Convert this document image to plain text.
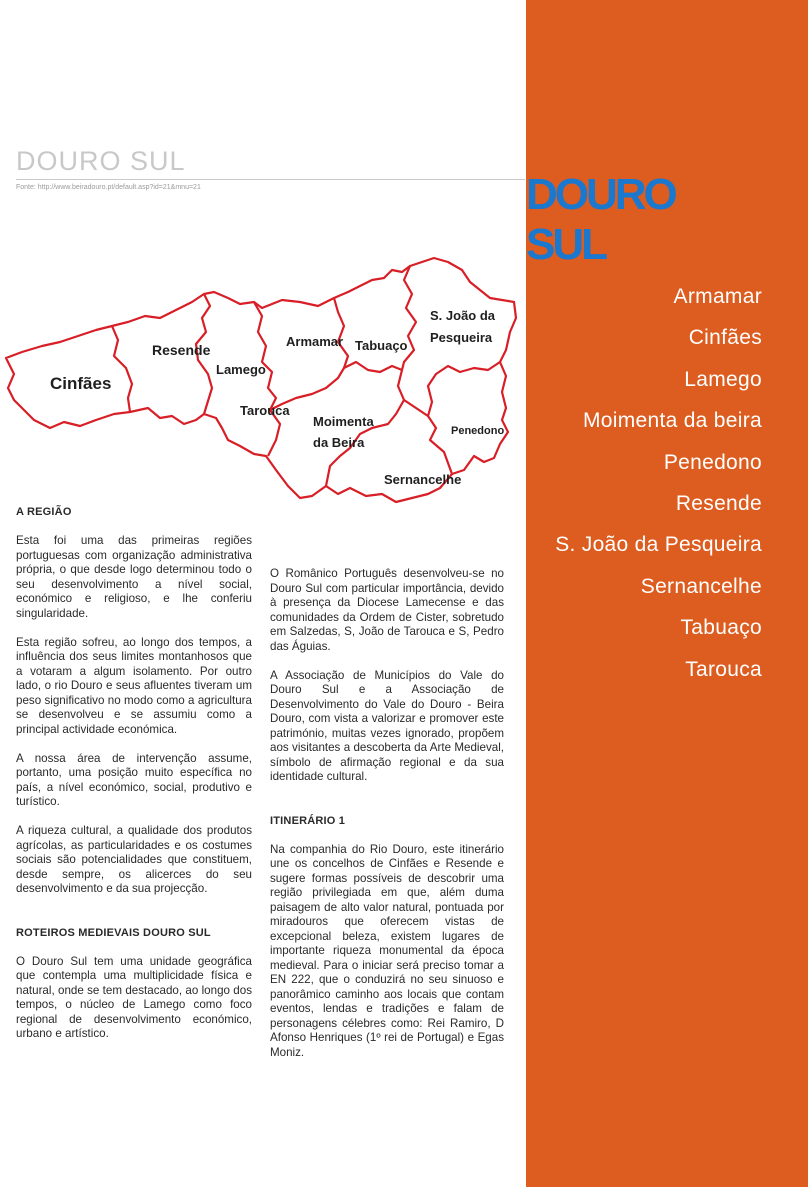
DOURO SUL
Fonte: http://www.beiradouro.pt/default.asp?id=21&mnu=21
Cinfães
Resende
Lamego
Tarouca
Armamar Tabuaço
S. João da
Pesqueira
Moimenta
da Beira
Penedono
Sernancelhe
A REGIÃO

Esta foi uma das primeiras regiões portuguesas com organização administrativa própria, o que desde logo determinou todo o seu desenvolvimento a nível social, económico e religioso, e lhe conferiu singularidade.

Esta região sofreu, ao longo dos tempos, a influência dos seus limites montanhosos que a votaram a algum isolamento. Por outro lado, o rio Douro e seus afluentes tiveram um peso significativo no modo como a agricultura se desenvolveu e se assumiu como a principal actividade económica.

A nossa área de intervenção assume, portanto, uma posição muito específica no país, a nível económico, social, produtivo e turístico.

A riqueza cultural, a qualidade dos produtos agrícolas, as particularidades e os costumes sociais são potencialidades que constituem, desde sempre, os alicerces do seu desenvolvimento e da sua projecção.

ROTEIROS MEDIEVAIS DOURO SUL

O Douro Sul tem uma unidade geográfica que contempla uma multiplicidade física e natural, onde se tem destacado, ao longo dos tempos, o núcleo de Lamego como foco regional de desenvolvimento económico, urbano e artístico.

O Românico Português desenvolveu-se no Douro Sul com particular importância, devido à presença da Diocese Lamecense e das comunidades da Ordem de Cister, sobretudo em Salzedas, S, João de Tarouca e S, Pedro das Águias.

A Associação de Municípios do Vale do Douro Sul e a Associação de Desenvolvimento do Vale do Douro - Beira Douro, com vista a valorizar e promover este património, muitas vezes ignorado, propõem aos visitantes a descoberta da Arte Medieval, símbolo de afirmação regional e da sua identidade cultural.

ITINERÁRIO 1

Na companhia do Rio Douro, este itinerário une os concelhos de Cinfães e Resende e sugere formas possíveis de descobrir uma região privilegiada em que, além duma paisagem de alto valor natural, pontuada por miradouros que oferecem vistas de excepcional beleza, existem lugares de importante riqueza monumental da época medieval. Para o iniciar será preciso tomar a EN 222, que o conduzirá no seu sinuoso e panorâmico caminho aos locais que contam eventos, lendas e tradições e falam de personagens célebres como: Rei Ramiro, D Afonso Henriques (1º rei de Portugal) e Egas Moniz.

DOURO SUL
Armamar
Cinfães
Lamego
Moimenta da beira
Penedono
Resende
S. João da Pesqueira
Sernancelhe
Tabuaço
Tarouca
